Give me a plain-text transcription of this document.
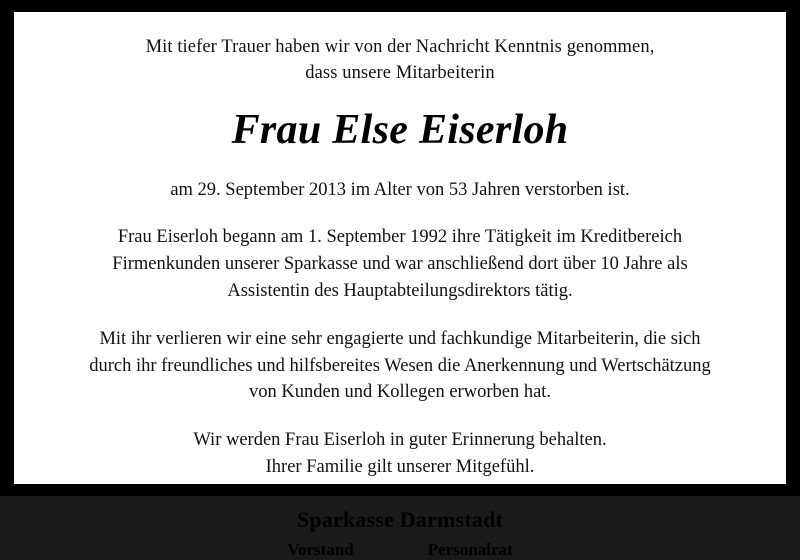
Mit tiefer Trauer haben wir von der Nachricht Kenntnis genommen,
dass unsere Mitarbeiterin

Frau Else Eiserloh
am 29. September 2013 im Alter von 53 Jahren verstorben ist.

Frau Eiserloh begann am 1. September 1992 ihre Tätigkeit im Kreditbereich Firmenkunden unserer Sparkasse und war anschließend dort über 10 Jahre als Assistentin des Hauptabteilungsdirektors tätig.

Mit ihr verlieren wir eine sehr engagierte und fachkundige Mitarbeiterin, die sich durch ihr freundliches und hilfsbereites Wesen die Anerkennung und Wertschätzung von Kunden und Kollegen erworben hat.

Wir werden Frau Eiserloh in guter Erinnerung behalten.
Ihrer Familie gilt unserer Mitgefühl.

Sparkasse Darmstadt
Vorstand	Personalrat
